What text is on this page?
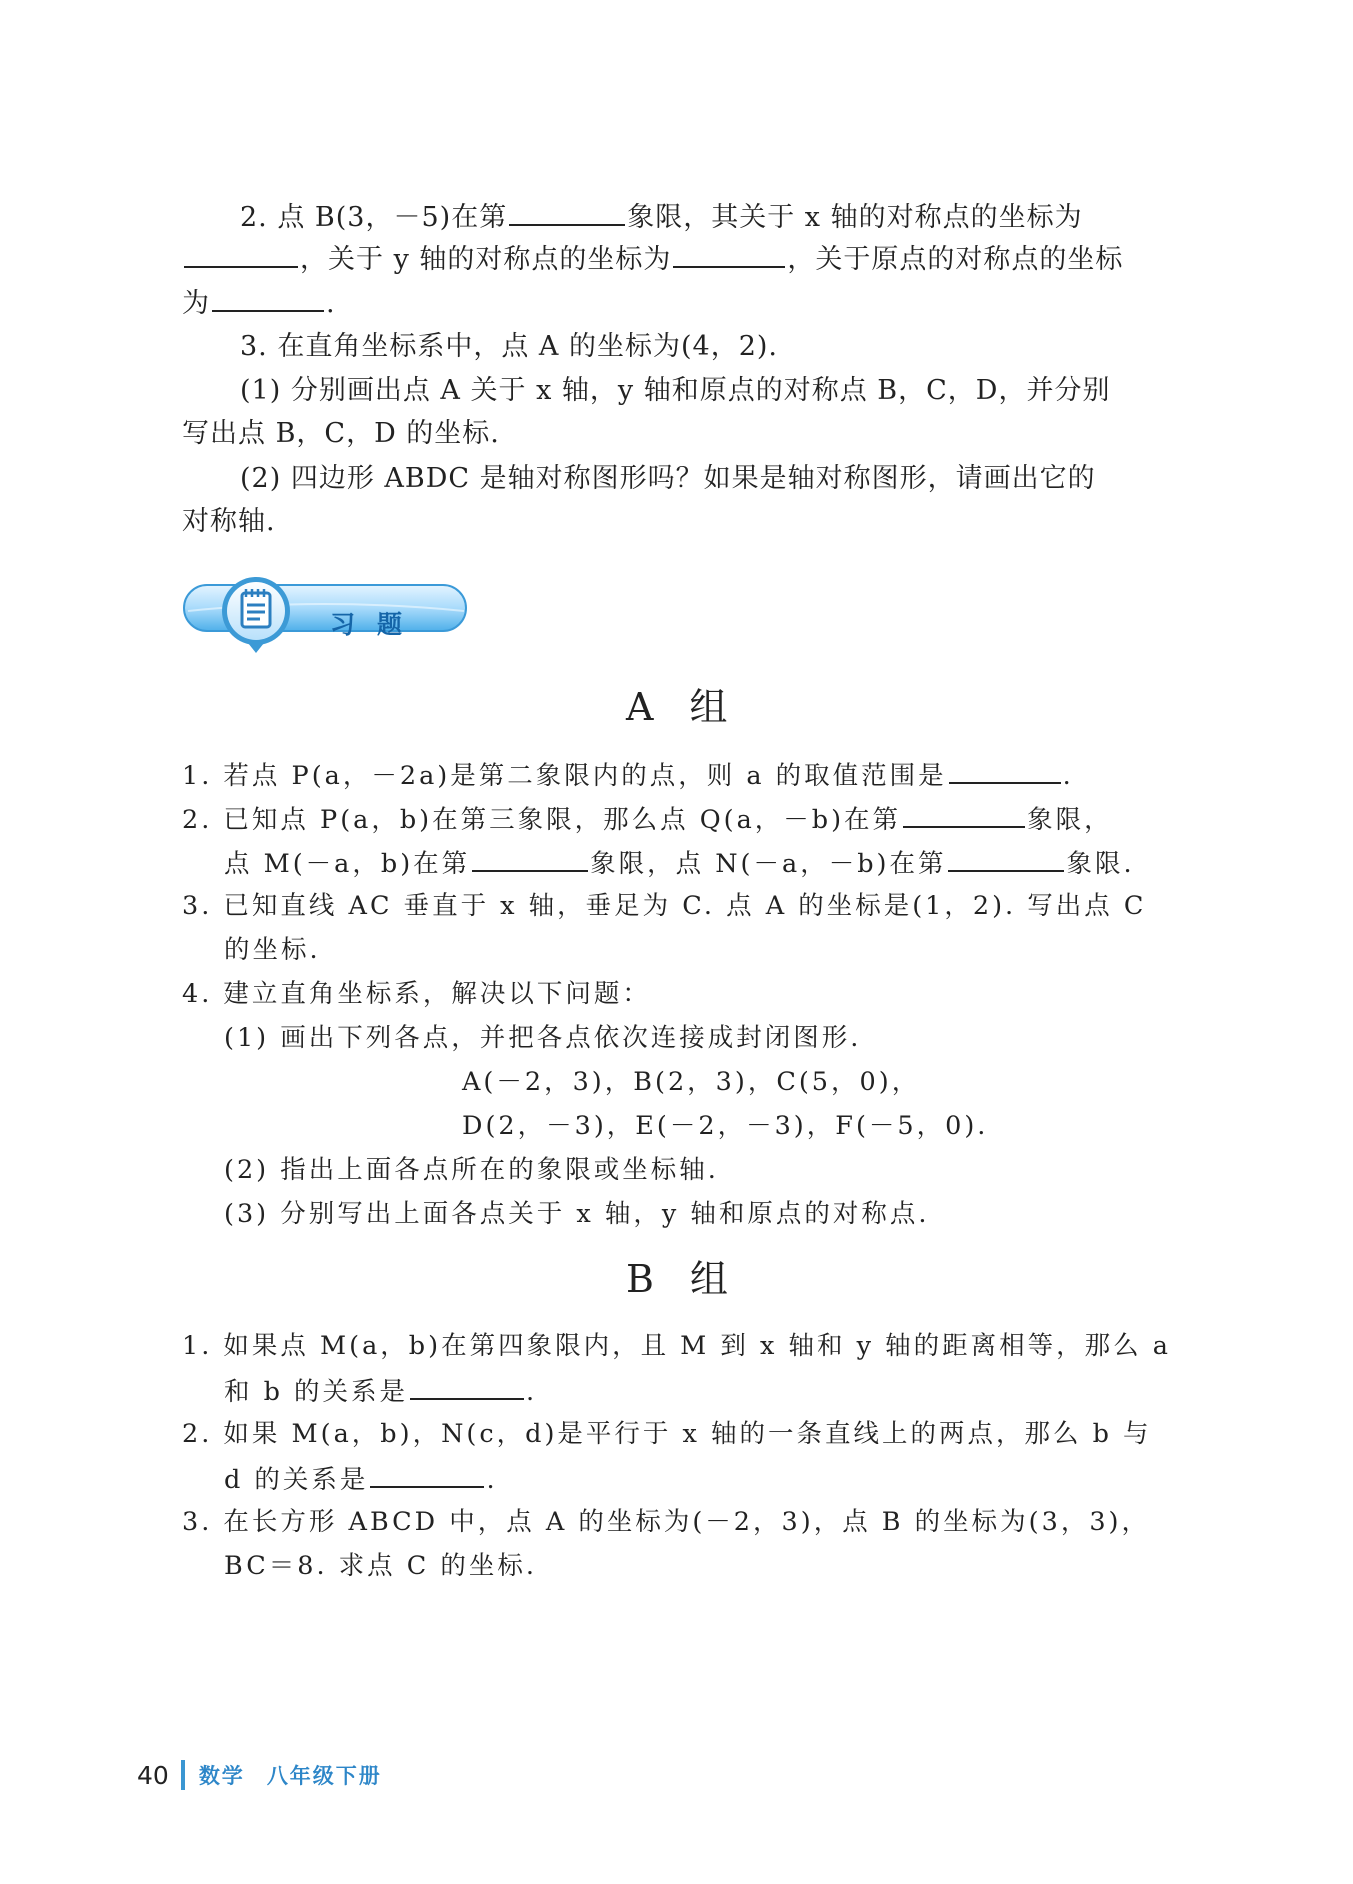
2. 点 B(3，－5)在第	象限，其关于 x 轴的对称点的坐标为
，关于 y 轴的对称点的坐标为	，关于原点的对称点的坐标
为	.
3. 在直角坐标系中，点 A 的坐标为(4，2).
(1) 分别画出点 A 关于 x 轴，y 轴和原点的对称点 B，C，D，并分别
写出点 B，C，D 的坐标.
(2) 四边形 ABDC 是轴对称图形吗？如果是轴对称图形，请画出它的
对称轴.
习题
A 组
1. 若点 P(a，－2a)是第二象限内的点，则 a 的取值范围是	.
2. 已知点 P(a，b)在第三象限，那么点 Q(a，－b)在第	象限，
点 M(－a，b)在第	象限，点 N(－a，－b)在第	象限.
3. 已知直线 AC 垂直于 x 轴，垂足为 C. 点 A 的坐标是(1，2). 写出点 C
的坐标.
4. 建立直角坐标系，解决以下问题：
(1) 画出下列各点，并把各点依次连接成封闭图形.
A(－2，3)，B(2，3)，C(5，0)，
D(2，－3)，E(－2，－3)，F(－5，0).
(2) 指出上面各点所在的象限或坐标轴.
(3) 分别写出上面各点关于 x 轴，y 轴和原点的对称点.
B 组
1. 如果点 M(a，b)在第四象限内，且 M 到 x 轴和 y 轴的距离相等，那么 a
和 b 的关系是	.
2. 如果 M(a，b)，N(c，d)是平行于 x 轴的一条直线上的两点，那么 b 与
d 的关系是	.
3. 在长方形 ABCD 中，点 A 的坐标为(－2，3)，点 B 的坐标为(3，3)，
BC＝8. 求点 C 的坐标.
40 数学 八年级下册
